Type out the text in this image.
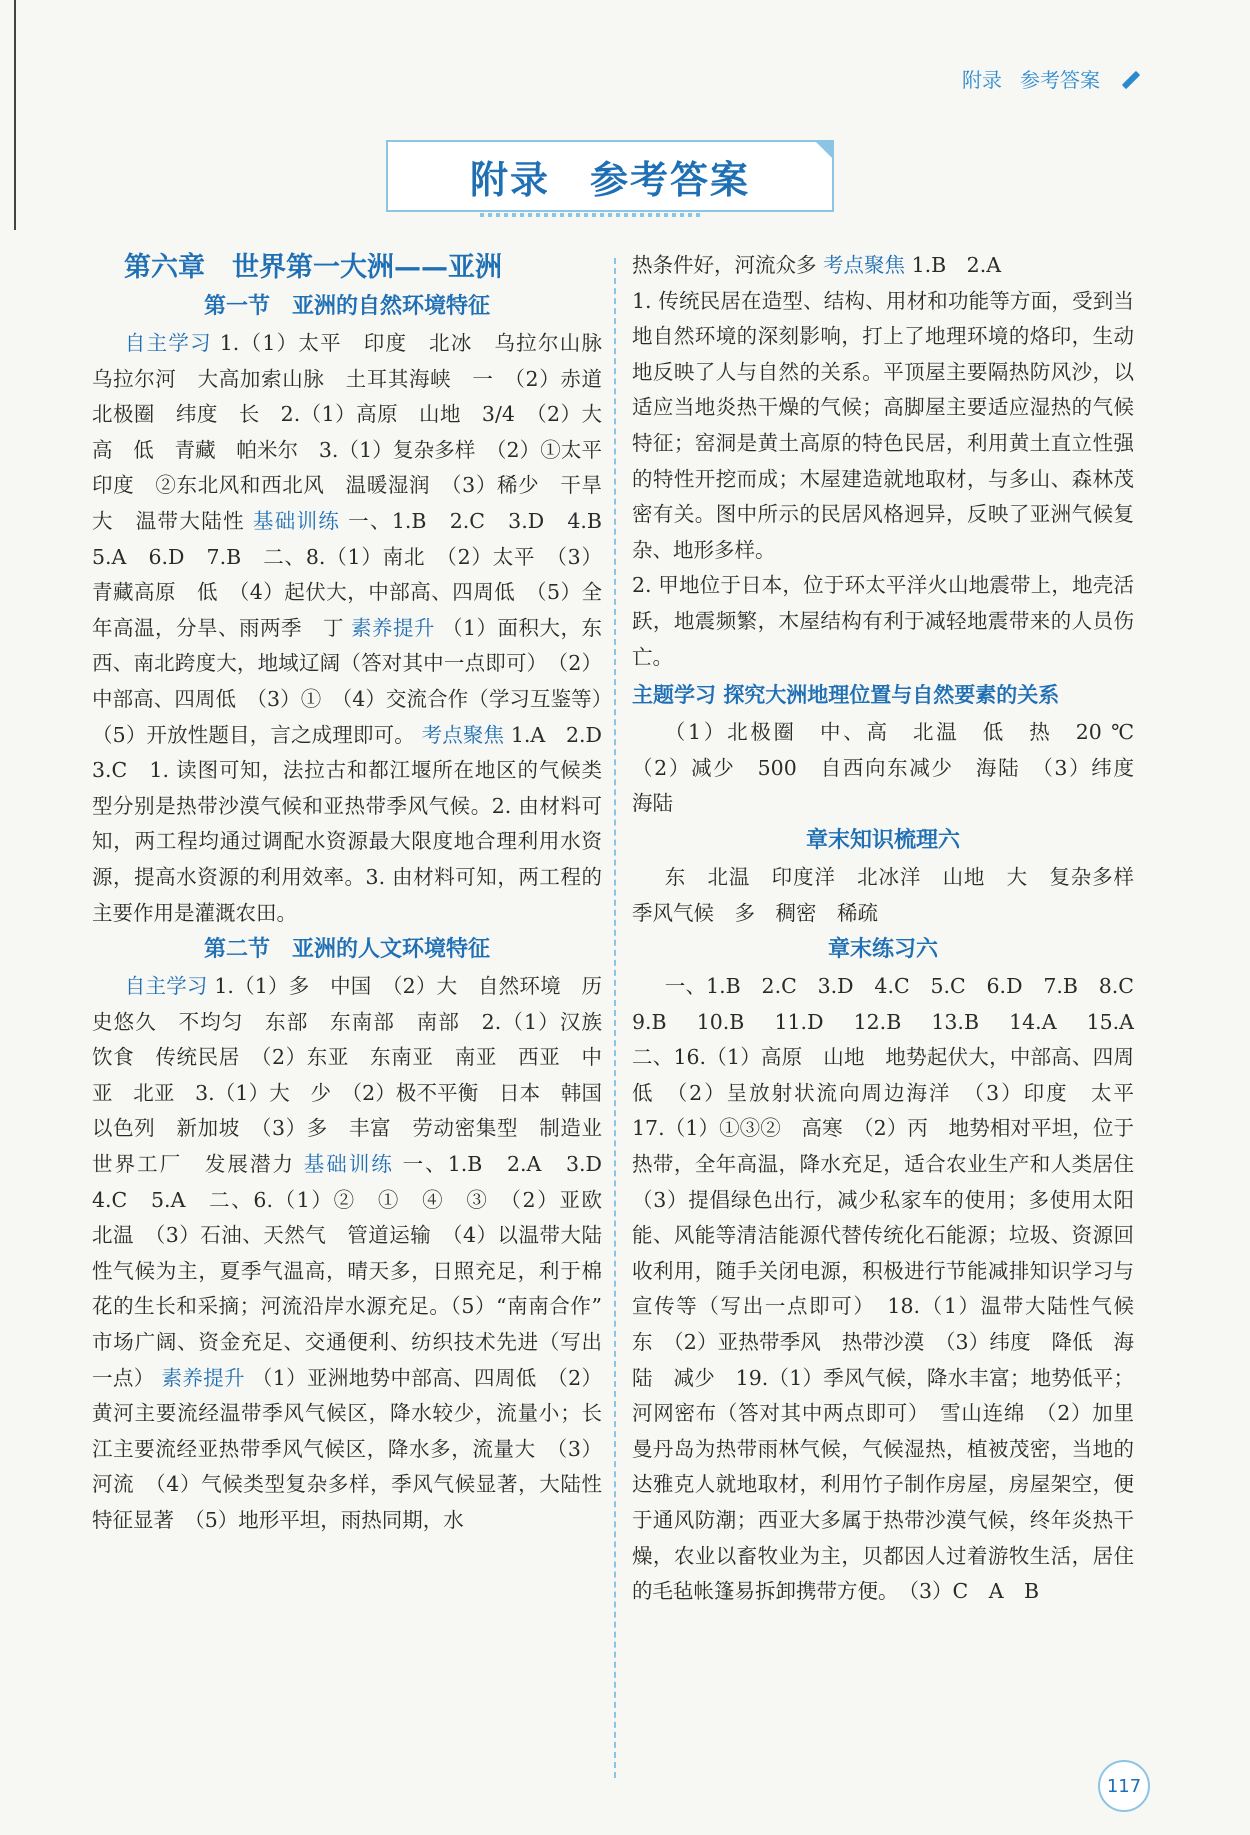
附录 参考答案
附录　参考答案
第六章　世界第一大洲——亚洲
第一节　亚洲的自然环境特征
自主学习 1.（1）太平　印度　北冰　乌拉尔山脉　乌拉尔河　大高加索山脉　土耳其海峡　一　（2）赤道　北极圈　纬度　长　2.（1）高原　山地　3/4　（2）大　高　低　青藏　帕米尔　3.（1）复杂多样　（2）①太平　印度　②东北风和西北风　温暖湿润　（3）稀少　干旱　大　温带大陆性 基础训练 一、1.B　2.C　3.D　4.B　5.A　6.D　7.B　二、8.（1）南北　（2）太平　（3）青藏高原　低　（4）起伏大，中部高、四周低　（5）全年高温，分旱、雨两季　丁 素养提升 （1）面积大，东西、南北跨度大，地域辽阔（答对其中一点即可）　（2）中部高、四周低　（3）①　（4）交流合作（学习互鉴等）　（5）开放性题目，言之成理即可。 考点聚焦 1.A　2.D　3.C　1. 读图可知，法拉古和都江堰所在地区的气候类型分别是热带沙漠气候和亚热带季风气候。2. 由材料可知，两工程均通过调配水资源最大限度地合理利用水资源，提高水资源的利用效率。3. 由材料可知，两工程的主要作用是灌溉农田。
第二节　亚洲的人文环境特征
自主学习 1.（1）多　中国　（2）大　自然环境　历史悠久　不均匀　东部　东南部　南部　2.（1）汉族　饮食　传统民居　（2）东亚　东南亚　南亚　西亚　中亚　北亚　3.（1）大　少　（2）极不平衡　日本　韩国　以色列　新加坡　（3）多　丰富　劳动密集型　制造业　世界工厂　发展潜力 基础训练 一、1.B　2.A　3.D　4.C　5.A　二、6.（1）②　①　④　③　（2）亚欧　北温　（3）石油、天然气　管道运输　（4）以温带大陆性气候为主，夏季气温高，晴天多，日照充足，利于棉花的生长和采摘；河流沿岸水源充足。（5）“南南合作”　市场广阔、资金充足、交通便利、纺织技术先进（写出一点） 素养提升 （1）亚洲地势中部高、四周低　（2）黄河主要流经温带季风气候区，降水较少，流量小；长江主要流经亚热带季风气候区，降水多，流量大　（3）河流　（4）气候类型复杂多样，季风气候显著，大陆性特征显著　（5）地形平坦，雨热同期，水
热条件好，河流众多 考点聚焦 1.B　2.A
1. 传统民居在造型、结构、用材和功能等方面，受到当地自然环境的深刻影响，打上了地理环境的烙印，生动地反映了人与自然的关系。平顶屋主要隔热防风沙，以适应当地炎热干燥的气候；高脚屋主要适应湿热的气候特征；窑洞是黄土高原的特色民居，利用黄土直立性强的特性开挖而成；木屋建造就地取材，与多山、森林茂密有关。图中所示的民居风格迥异，反映了亚洲气候复杂、地形多样。
2. 甲地位于日本，位于环太平洋火山地震带上，地壳活跃，地震频繁，木屋结构有利于减轻地震带来的人员伤亡。
主题学习 探究大洲地理位置与自然要素的关系
（1）北极圈　中、高　北温　低　热　20 ℃　（2）减少　500　自西向东减少　海陆　（3）纬度　海陆
章末知识梳理六
东　北温　印度洋　北冰洋　山地　大　复杂多样　季风气候　多　稠密　稀疏
章末练习六
一、1.B　2.C　3.D　4.C　5.C　6.D　7.B　8.C　9.B　10.B　11.D　12.B　13.B　14.A　15.A　二、16.（1）高原　山地　地势起伏大，中部高、四周低　（2）呈放射状流向周边海洋　（3）印度　太平　17.（1）①③②　高寒　（2）丙　地势相对平坦，位于热带，全年高温，降水充足，适合农业生产和人类居住　（3）提倡绿色出行，减少私家车的使用；多使用太阳能、风能等清洁能源代替传统化石能源；垃圾、资源回收利用，随手关闭电源，积极进行节能减排知识学习与宣传等（写出一点即可）　18.（1）温带大陆性气候　东　（2）亚热带季风　热带沙漠　（3）纬度　降低　海陆　减少　19.（1）季风气候，降水丰富；地势低平；河网密布（答对其中两点即可）　雪山连绵　（2）加里曼丹岛为热带雨林气候，气候湿热，植被茂密，当地的达雅克人就地取材，利用竹子制作房屋，房屋架空，便于通风防潮；西亚大多属于热带沙漠气候，终年炎热干燥，农业以畜牧业为主，贝都因人过着游牧生活，居住的毛毡帐篷易拆卸携带方便。　（3）C　A　B
117
